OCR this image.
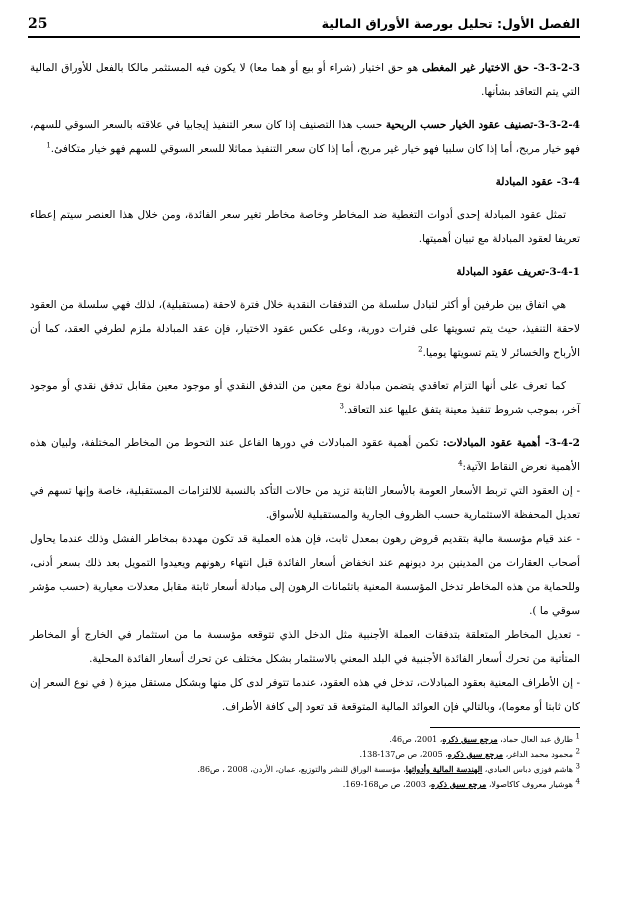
الفصل الأول: تحليل بورصة الأوراق المالية
25

3-3-2-3- حق الاختيار غير المغطى هو حق اختيار (شراء أو بيع أو هما معا) لا يكون فيه المستثمر مالكا بالفعل للأوراق المالية التي يتم التعاقد بشأنها.

3-3-2-4-تصنيف عقود الخيار حسب الربحية حسب هذا التصنيف إذا كان سعر التنفيذ إيجابيا في علاقته بالسعر السوقي للسهم، فهو خيار مربح، أما إذا كان سلبيا فهو خيار غير مربح، أما إذا كان سعر التنفيذ مماثلا للسعر السوقي للسهم فهو خيار متكافئ.$^1$

3-4- عقود المبادلة

تمثل عقود المبادلة إحدى أدوات التغطية ضد المخاطر وخاصة مخاطر تغير سعر الفائدة، ومن خلال هذا العنصر سيتم إعطاء تعريفا لعقود المبادلة مع تبيان أهميتها.

3-4-1-تعريف عقود المبادلة

هي اتفاق بين طرفين أو أكثر لتبادل سلسلة من التدفقات النقدية خلال فترة لاحقة (مستقبلية)، لذلك فهي سلسلة من العقود لاحقة التنفيذ، حيث يتم تسويتها على فترات دورية، وعلى عكس عقود الاختيار، فإن عقد المبادلة ملزم لطرفي العقد، كما أن الأرباح والخسائر لا يتم تسويتها يوميا.$^2$

كما تعرف على أنها التزام تعاقدي يتضمن مبادلة نوع معين من التدفق النقدي أو موجود معين مقابل تدفق نقدي أو موجود آخر، بموجب شروط تنفيذ معينة يتفق عليها عند التعاقد.$^3$

3-4-2- أهمية عقود المبادلات: تكمن أهمية عقود المبادلات في دورها الفاعل عند التحوط من المخاطر المختلفة، ولبيان هذه الأهمية نعرض النقاط الآتية:$^4$

- إن العقود التي تربط الأسعار العومة بالأسعار الثابتة تزيد من حالات التأكد بالنسبة للالتزامات المستقبلية، خاصة وإنها تسهم في تعديل المحفظة الاستثمارية حسب الظروف الجارية والمستقبلية للأسواق.

- عند قيام مؤسسة مالية بتقديم قروض رهون بمعدل ثابت، فإن هذه العملية قد تكون مهددة بمخاطر الفشل وذلك عندما يحاول أصحاب العقارات من المدينين برد ديونهم عند انخفاض أسعار الفائدة قبل انتهاء رهونهم ويعيدوا التمويل بعد ذلك بسعر أدنى، وللحماية من هذه المخاطر تدخل المؤسسة المعنية باتئمانات الرهون إلى مبادلة أسعار ثابتة مقابل معدلات معيارية (حسب مؤشر سوقي ما ).

- تعديل المخاطر المتعلقة بتدفقات العملة الأجنبية مثل الدخل الذي تتوقعه مؤسسة ما من استثمار في الخارج أو المخاطر المتأتية من تحرك أسعار الفائدة الأجنبية في البلد المعني بالاستثمار بشكل مختلف عن تحرك أسعار الفائدة المحلية.

- إن الأطراف المعنية بعقود المبادلات، تدخل في هذه العقود، عندما تتوفر لدى كل منها وبشكل مستقل ميزة ( في نوع السعر إن كان ثابتا أو معوما)، وبالتالي فإن العوائد المالية المتوقعة قد تعود إلى كافة الأطراف.

$^1$ طارق عبد العال حماد، مرجع سبق ذكره، 2001، ص46.
$^2$ محمود محمد الداغر، مرجع سبق ذكره، 2005، ص ص137-138.
$^3$ هاشم فوزي دباس العبادي، الهندسة المالية وأدواتها، مؤسسة الوراق للنشر والتوزيع، عمان، الأردن، 2008 ، ص86.
$^4$ هوشيار معروف كاكاصولا، مرجع سبق ذكره، 2003، ص ص168-169.
